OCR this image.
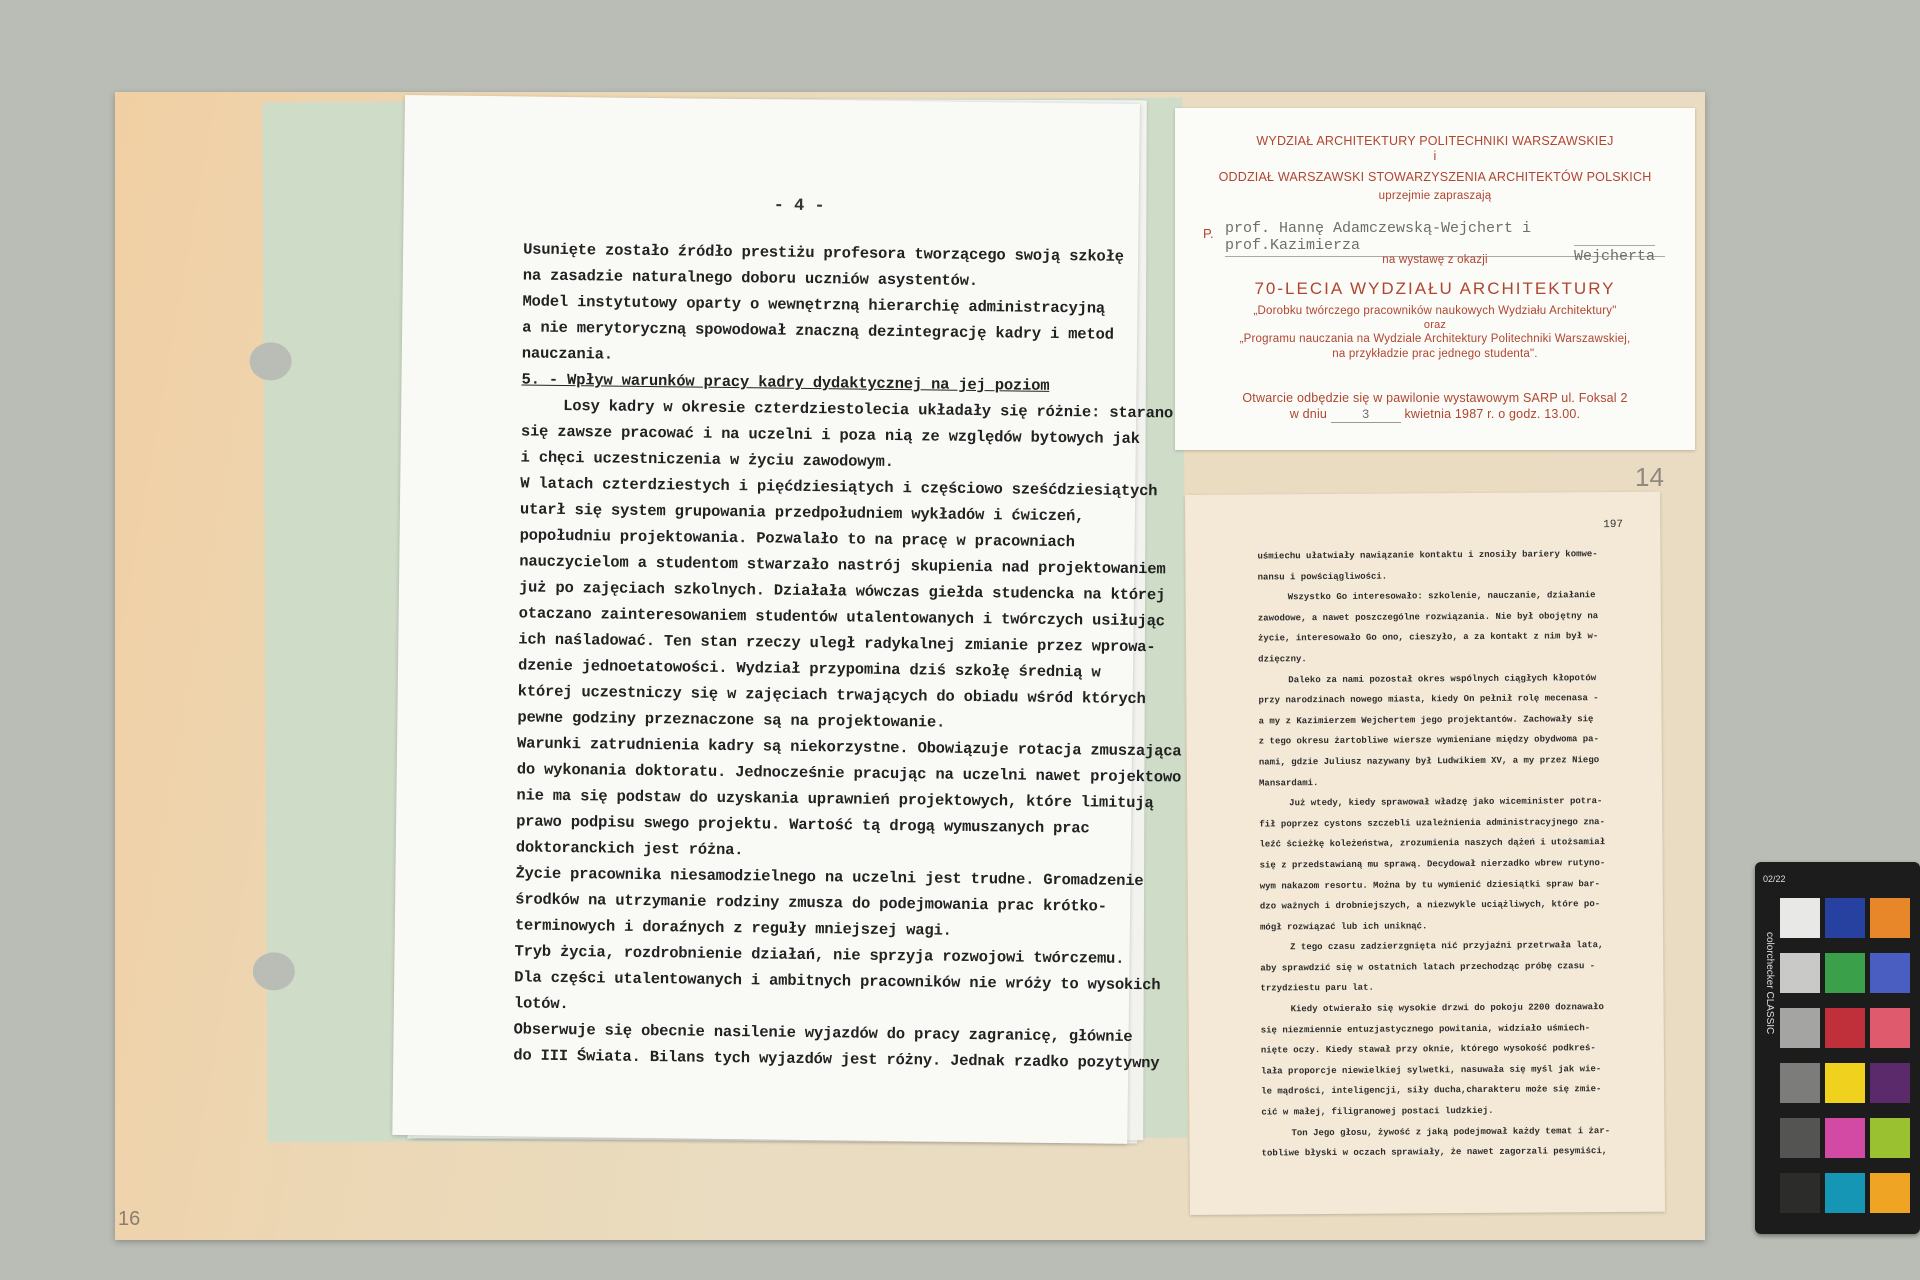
16
- 4 -
Usunięte zostało źródło prestiżu profesora tworzącego swoją szkołę
na zasadzie naturalnego doboru uczniów asystentów.
Model instytutowy oparty o wewnętrzną hierarchię administracyjną
a nie merytoryczną spowodował znaczną dezintegrację kadry i metod
nauczania.
5. - Wpływ warunków pracy kadry dydaktycznej na jej poziom
Losy kadry w okresie czterdziestolecia układały się różnie: starano
się zawsze pracować i na uczelni i poza nią ze względów bytowych jak
i chęci uczestniczenia w życiu zawodowym.
W latach czterdziestych i pięćdziesiątych i częściowo sześćdziesiątych
utarł się system grupowania przedpołudniem wykładów i ćwiczeń,
popołudniu projektowania. Pozwalało to na pracę w pracowniach
nauczycielom a studentom stwarzało nastrój skupienia nad projektowaniem
już po zajęciach szkolnych. Działała wówczas giełda studencka na której
otaczano zainteresowaniem studentów utalentowanych i twórczych usiłując
ich naśladować. Ten stan rzeczy uległ radykalnej zmianie przez wprowa-
dzenie jednoetatowości. Wydział przypomina dziś szkołę średnią w
której uczestniczy się w zajęciach trwających do obiadu wśród których
pewne godziny przeznaczone są na projektowanie.
Warunki zatrudnienia kadry są niekorzystne. Obowiązuje rotacja zmuszająca
do wykonania doktoratu. Jednocześnie pracując na uczelni nawet projektowo
nie ma się podstaw do uzyskania uprawnień projektowych, które limitują
prawo podpisu swego projektu. Wartość tą drogą wymuszanych prac
doktoranckich jest różna.
Życie pracownika niesamodzielnego na uczelni jest trudne. Gromadzenie
środków na utrzymanie rodziny zmusza do podejmowania prac krótko-
terminowych i doraźnych z reguły mniejszej wagi.
Tryb życia, rozdrobnienie działań, nie sprzyja rozwojowi twórczemu.
Dla części utalentowanych i ambitnych pracowników nie wróży to wysokich
lotów.
Obserwuje się obecnie nasilenie wyjazdów do pracy zagranicę, głównie
do III Świata. Bilans tych wyjazdów jest różny. Jednak rzadko pozytywny
WYDZIAŁ ARCHITEKTURY POLITECHNIKI WARSZAWSKIEJ
i
ODDZIAŁ WARSZAWSKI STOWARZYSZENIA ARCHITEKTÓW POLSKICH
uprzejmie zapraszają
P. prof. Hannę Adamczewską-Wejchert i prof.Kazimierza
Wejcherta
na wystawę z okazji
70-LECIA WYDZIAŁU ARCHITEKTURY
„Dorobku twórczego pracowników naukowych Wydziału Architektury"
oraz
„Programu nauczania na Wydziale Architektury Politechniki Warszawskiej,
na przykładzie prac jednego studenta".
Otwarcie odbędzie się w pawilonie wystawowym SARP ul. Foksal 2
w dniu	3	kwietnia 1987 r. o godz. 13.00.
14
197
uśmiechu ułatwiały nawiązanie kontaktu i znosiły bariery komwe-
nansu i powściągliwości.
Wszystko Go interesowało: szkolenie, nauczanie, działanie
zawodowe, a nawet poszczególne rozwiązania. Nie był obojętny na
życie, interesowało Go ono, cieszyło, a za kontakt z nim był w-
dzięczny.
Daleko za nami pozostał okres wspólnych ciągłych kłopotów
przy narodzinach nowego miasta, kiedy On pełnił rolę mecenasa -
a my z Kazimierzem Wejchertem jego projektantów. Zachowały się
z tego okresu żartobliwe wiersze wymieniane między obydwoma pa-
nami, gdzie Juliusz nazywany był Ludwikiem XV, a my przez Niego
Mansardami.
Już wtedy, kiedy sprawował władzę jako wiceminister potra-
fił poprzez cystons szczebli uzależnienia administracyjnego zna-
leźć ścieżkę koleżeństwa, zrozumienia naszych dążeń i utożsamiał
się z przedstawianą mu sprawą. Decydował nierzadko wbrew rutyno-
wym nakazom resortu. Można by tu wymienić dziesiątki spraw bar-
dzo ważnych i drobniejszych, a niezwykle uciążliwych, które po-
mógł rozwiązać lub ich uniknąć.
Z tego czasu zadzierzgnięta nić przyjaźni przetrwała lata,
aby sprawdzić się w ostatnich latach przechodząc próbę czasu -
trzydziestu paru lat.
Kiedy otwierało się wysokie drzwi do pokoju 2200 doznawało
się niezmiennie entuzjastycznego powitania, widziało uśmiech-
nięte oczy. Kiedy stawał przy oknie, którego wysokość podkreś-
lała proporcje niewielkiej sylwetki, nasuwała się myśl jak wie-
le mądrości, inteligencji, siły ducha,charakteru może się zmie-
cić w małej, filigranowej postaci ludzkiej.
Ton Jego głosu, żywość z jaką podejmował każdy temat i żar-
tobliwe błyski w oczach sprawiały, że nawet zagorzali pesymiści,
02/22
colorchecker CLASSIC
